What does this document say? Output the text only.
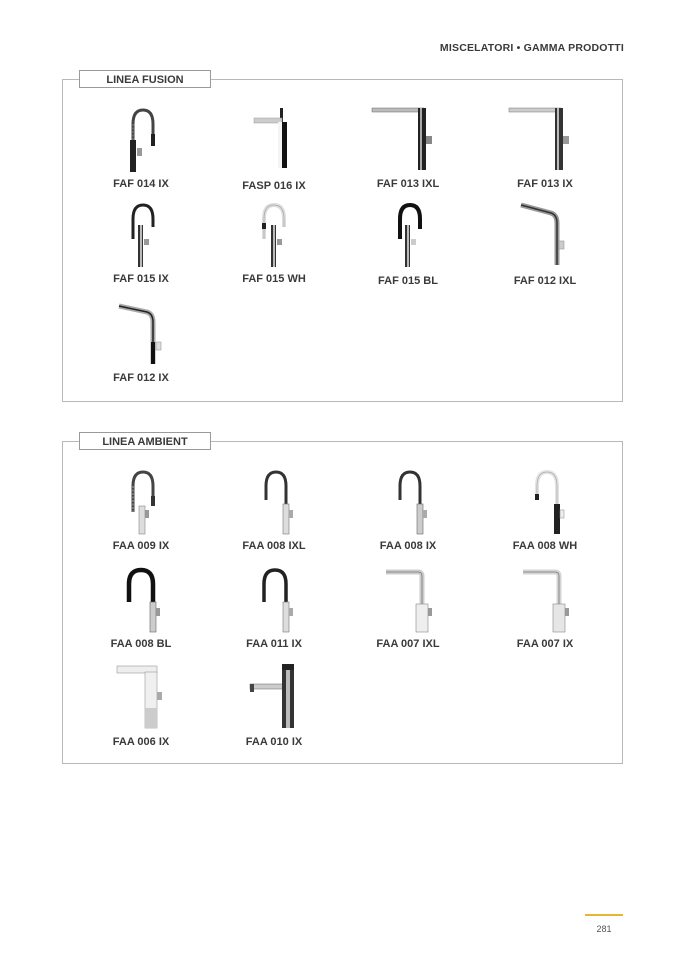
MISCELATORI • GAMMA PRODOTTI
LINEA FUSION
FAF 014 IX	FASP 016 IX	FAF 013 IXL	FAF 013 IX
FAF 015 IX	FAF 015 WH	FAF 015 BL	FAF 012 IXL
FAF 012 IX
LINEA AMBIENT
FAA 009 IX	FAA 008 IXL	FAA 008 IX	FAA 008 WH
FAA 008 BL	FAA 011 IX	FAA 007 IXL	FAA 007 IX
FAA 006 IX	FAA 010 IX
281
